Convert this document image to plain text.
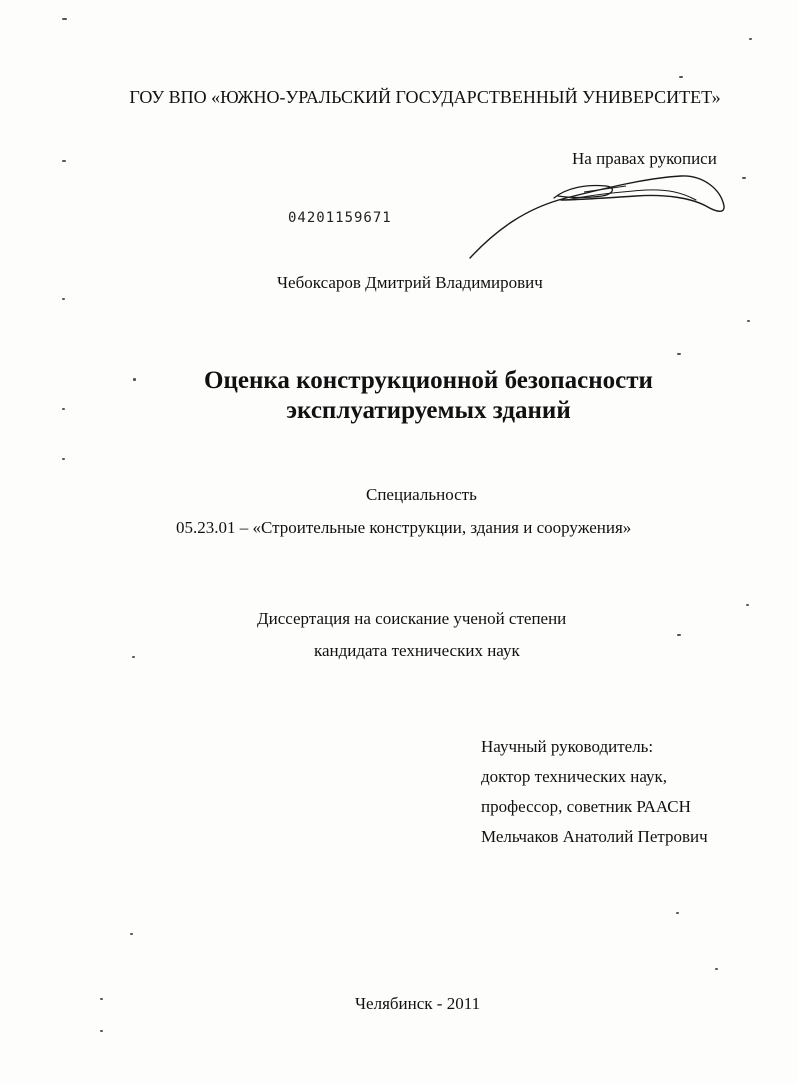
ГОУ ВПО «ЮЖНО-УРАЛЬСКИЙ ГОСУДАРСТВЕННЫЙ УНИВЕРСИТЕТ»
На правах рукописи
04201159671
Чебоксаров Дмитрий Владимирович
Оценка конструкционной безопасности
эксплуатируемых зданий
Специальность
05.23.01 – «Строительные конструкции, здания и сооружения»
Диссертация на соискание ученой степени
кандидата технических наук
Научный руководитель:
доктор технических наук,
профессор, советник РААСН
Мельчаков Анатолий Петрович
Челябинск - 2011
